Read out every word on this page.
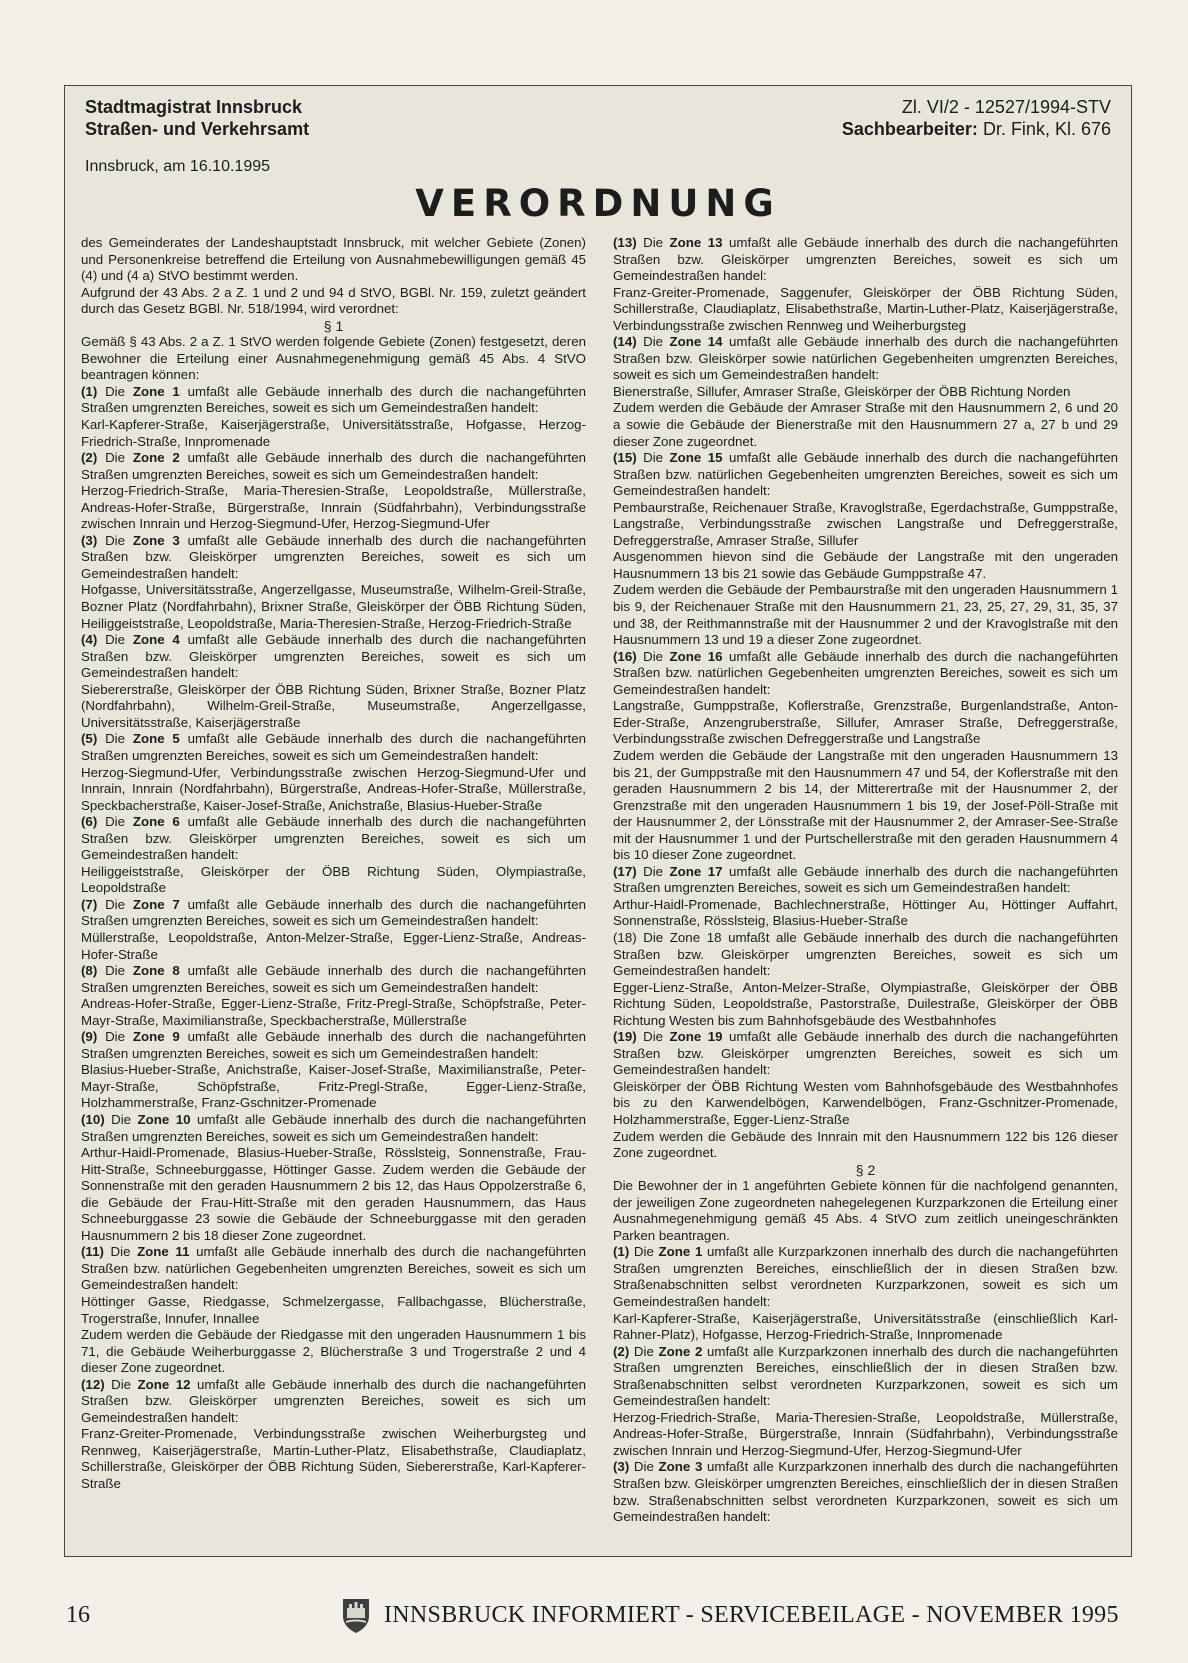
Stadtmagistrat Innsbruck
Straßen- und Verkehrsamt
Zl. VI/2 - 12527/1994-STV
Sachbearbeiter: Dr. Fink, Kl. 676
Innsbruck, am 16.10.1995
VERORDNUNG

des Gemeinderates der Landeshauptstadt Innsbruck, mit welcher Gebiete (Zonen) und Personenkreise betreffend die Erteilung von Ausnahmebewilligungen gemäß 45 (4) und (4 a) StVO bestimmt werden.

Aufgrund der 43 Abs. 2 a Z. 1 und 2 und 94 d StVO, BGBl. Nr. 159, zuletzt geändert durch das Gesetz BGBl. Nr. 518/1994, wird verordnet:

§ 1

Gemäß § 43 Abs. 2 a Z. 1 StVO werden folgende Gebiete (Zonen) festgesetzt, deren Bewohner die Erteilung einer Ausnahmegenehmigung gemäß 45 Abs. 4 StVO beantragen können:

(1) Die Zone 1 umfaßt alle Gebäude innerhalb des durch die nachangeführten Straßen umgrenzten Bereiches, soweit es sich um Gemeindestraßen handelt:

Karl-Kapferer-Straße, Kaiserjägerstraße, Universitätsstraße, Hofgasse, Herzog-Friedrich-Straße, Innpromenade

(2) Die Zone 2 umfaßt alle Gebäude innerhalb des durch die nachangeführten Straßen umgrenzten Bereiches, soweit es sich um Gemeindestraßen handelt:

Herzog-Friedrich-Straße, Maria-Theresien-Straße, Leopoldstraße, Müllerstraße, Andreas-Hofer-Straße, Bürgerstraße, Innrain (Südfahrbahn), Verbindungsstraße zwischen Innrain und Herzog-Siegmund-Ufer, Herzog-Siegmund-Ufer

(3) Die Zone 3 umfaßt alle Gebäude innerhalb des durch die nachangeführten Straßen bzw. Gleiskörper umgrenzten Bereiches, soweit es sich um Gemeindestraßen handelt:

Hofgasse, Universitätsstraße, Angerzellgasse, Museumstraße, Wilhelm-Greil-Straße, Bozner Platz (Nordfahrbahn), Brixner Straße, Gleiskörper der ÖBB Richtung Süden, Heiliggeiststraße, Leopoldstraße, Maria-Theresien-Straße, Herzog-Friedrich-Straße

(4) Die Zone 4 umfaßt alle Gebäude innerhalb des durch die nachangeführten Straßen bzw. Gleiskörper umgrenzten Bereiches, soweit es sich um Gemeindestraßen handelt:

Siebererstraße, Gleiskörper der ÖBB Richtung Süden, Brixner Straße, Bozner Platz (Nordfahrbahn), Wilhelm-Greil-Straße, Museumstraße, Angerzellgasse, Universitätsstraße, Kaiserjägerstraße

(5) Die Zone 5 umfaßt alle Gebäude innerhalb des durch die nachangeführten Straßen umgrenzten Bereiches, soweit es sich um Gemeindestraßen handelt:

Herzog-Siegmund-Ufer, Verbindungsstraße zwischen Herzog-Siegmund-Ufer und Innrain, Innrain (Nordfahrbahn), Bürgerstraße, Andreas-Hofer-Straße, Müllerstraße, Speckbacherstraße, Kaiser-Josef-Straße, Anichstraße, Blasius-Hueber-Straße

(6) Die Zone 6 umfaßt alle Gebäude innerhalb des durch die nachangeführten Straßen bzw. Gleiskörper umgrenzten Bereiches, soweit es sich um Gemeindestraßen handelt:

Heiliggeiststraße, Gleiskörper der ÖBB Richtung Süden, Olympiastraße, Leopoldstraße

(7) Die Zone 7 umfaßt alle Gebäude innerhalb des durch die nachangeführten Straßen umgrenzten Bereiches, soweit es sich um Gemeindestraßen handelt:

Müllerstraße, Leopoldstraße, Anton-Melzer-Straße, Egger-Lienz-Straße, Andreas-Hofer-Straße

(8) Die Zone 8 umfaßt alle Gebäude innerhalb des durch die nachangeführten Straßen umgrenzten Bereiches, soweit es sich um Gemeindestraßen handelt:

Andreas-Hofer-Straße, Egger-Lienz-Straße, Fritz-Pregl-Straße, Schöpfstraße, Peter-Mayr-Straße, Maximilianstraße, Speckbacherstraße, Müllerstraße

(9) Die Zone 9 umfaßt alle Gebäude innerhalb des durch die nachangeführten Straßen umgrenzten Bereiches, soweit es sich um Gemeindestraßen handelt:

Blasius-Hueber-Straße, Anichstraße, Kaiser-Josef-Straße, Maximilianstraße, Peter-Mayr-Straße, Schöpfstraße, Fritz-Pregl-Straße, Egger-Lienz-Straße, Holzhammerstraße, Franz-Gschnitzer-Promenade

(10) Die Zone 10 umfaßt alle Gebäude innerhalb des durch die nachangeführten Straßen umgrenzten Bereiches, soweit es sich um Gemeindestraßen handelt:

Arthur-Haidl-Promenade, Blasius-Hueber-Straße, Rösslsteig, Sonnenstraße, Frau-Hitt-Straße, Schneeburggasse, Höttinger Gasse. Zudem werden die Gebäude der Sonnenstraße mit den geraden Hausnummern 2 bis 12, das Haus Oppolzerstraße 6, die Gebäude der Frau-Hitt-Straße mit den geraden Hausnummern, das Haus Schneeburggasse 23 sowie die Gebäude der Schneeburggasse mit den geraden Hausnummern 2 bis 18 dieser Zone zugeordnet.

(11) Die Zone 11 umfaßt alle Gebäude innerhalb des durch die nachangeführten Straßen bzw. natürlichen Gegebenheiten umgrenzten Bereiches, soweit es sich um Gemeindestraßen handelt:

Höttinger Gasse, Riedgasse, Schmelzergasse, Fallbachgasse, Blücherstraße, Trogerstraße, Innufer, Innallee

Zudem werden die Gebäude der Riedgasse mit den ungeraden Hausnummern 1 bis 71, die Gebäude Weiherburggasse 2, Blücherstraße 3 und Trogerstraße 2 und 4 dieser Zone zugeordnet.

(12) Die Zone 12 umfaßt alle Gebäude innerhalb des durch die nachangeführten Straßen bzw. Gleiskörper umgrenzten Bereiches, soweit es sich um Gemeindestraßen handelt:

Franz-Greiter-Promenade, Verbindungsstraße zwischen Weiherburgsteg und Rennweg, Kaiserjägerstraße, Martin-Luther-Platz, Elisabethstraße, Claudiaplatz, Schillerstraße, Gleiskörper der ÖBB Richtung Süden, Siebererstraße, Karl-Kapferer-Straße

(13) Die Zone 13 umfaßt alle Gebäude innerhalb des durch die nachangeführten Straßen bzw. Gleiskörper umgrenzten Bereiches, soweit es sich um Gemeindestraßen handel:

Franz-Greiter-Promenade, Saggenufer, Gleiskörper der ÖBB Richtung Süden, Schillerstraße, Claudiaplatz, Elisabethstraße, Martin-Luther-Platz, Kaiserjägerstraße, Verbindungsstraße zwischen Rennweg und Weiherburgsteg

(14) Die Zone 14 umfaßt alle Gebäude innerhalb des durch die nachangeführten Straßen bzw. Gleiskörper sowie natürlichen Gegebenheiten umgrenzten Bereiches, soweit es sich um Gemeindestraßen handelt:

Bienerstraße, Sillufer, Amraser Straße, Gleiskörper der ÖBB Richtung Norden

Zudem werden die Gebäude der Amraser Straße mit den Hausnummern 2, 6 und 20 a sowie die Gebäude der Bienerstraße mit den Hausnummern 27 a, 27 b und 29 dieser Zone zugeordnet.

(15) Die Zone 15 umfaßt alle Gebäude innerhalb des durch die nachangeführten Straßen bzw. natürlichen Gegebenheiten umgrenzten Bereiches, soweit es sich um Gemeindestraßen handelt:

Pembaurstraße, Reichenauer Straße, Kravoglstraße, Egerdachstraße, Gumppstraße, Langstraße, Verbindungsstraße zwischen Langstraße und Defreggerstraße, Defreggerstraße, Amraser Straße, Sillufer

Ausgenommen hievon sind die Gebäude der Langstraße mit den ungeraden Hausnummern 13 bis 21 sowie das Gebäude Gumppstraße 47.

Zudem werden die Gebäude der Pembaurstraße mit den ungeraden Hausnummern 1 bis 9, der Reichenauer Straße mit den Hausnummern 21, 23, 25, 27, 29, 31, 35, 37 und 38, der Reithmannstraße mit der Hausnummer 2 und der Kravoglstraße mit den Hausnummern 13 und 19 a dieser Zone zugeordnet.

(16) Die Zone 16 umfaßt alle Gebäude innerhalb des durch die nachangeführten Straßen bzw. natürlichen Gegebenheiten umgrenzten Bereiches, soweit es sich um Gemeindestraßen handelt:

Langstraße, Gumppstraße, Koflerstraße, Grenzstraße, Burgenlandstraße, Anton-Eder-Straße, Anzengruberstraße, Sillufer, Amraser Straße, Defreggerstraße, Verbindungsstraße zwischen Defreggerstraße und Langstraße

Zudem werden die Gebäude der Langstraße mit den ungeraden Hausnummern 13 bis 21, der Gumppstraße mit den Hausnummern 47 und 54, der Koflerstraße mit den geraden Hausnummern 2 bis 14, der Mitterertraße mit der Hausnummer 2, der Grenzstraße mit den ungeraden Hausnummern 1 bis 19, der Josef-Pöll-Straße mit der Hausnummer 2, der Lönsstraße mit der Hausnummer 2, der Amraser-See-Straße mit der Hausnummer 1 und der Purtschellerstraße mit den geraden Hausnummern 4 bis 10 dieser Zone zugeordnet.

(17) Die Zone 17 umfaßt alle Gebäude innerhalb des durch die nachangeführten Straßen umgrenzten Bereiches, soweit es sich um Gemeindestraßen handelt:

Arthur-Haidl-Promenade, Bachlechnerstraße, Höttinger Au, Höttinger Auffahrt, Sonnenstraße, Rösslsteig, Blasius-Hueber-Straße

(18) Die Zone 18 umfaßt alle Gebäude innerhalb des durch die nachangeführten Straßen bzw. Gleiskörper umgrenzten Bereiches, soweit es sich um Gemeindestraßen handelt:

Egger-Lienz-Straße, Anton-Melzer-Straße, Olympiastraße, Gleiskörper der ÖBB Richtung Süden, Leopoldstraße, Pastorstraße, Duilestraße, Gleiskörper der ÖBB Richtung Westen bis zum Bahnhofsgebäude des Westbahnhofes

(19) Die Zone 19 umfaßt alle Gebäude innerhalb des durch die nachangeführten Straßen bzw. Gleiskörper umgrenzten Bereiches, soweit es sich um Gemeindestraßen handelt:

Gleiskörper der ÖBB Richtung Westen vom Bahnhofsgebäude des Westbahnhofes bis zu den Karwendelbögen, Karwendelbögen, Franz-Gschnitzer-Promenade, Holzhammerstraße, Egger-Lienz-Straße

Zudem werden die Gebäude des Innrain mit den Hausnummern 122 bis 126 dieser Zone zugeordnet.

§ 2

Die Bewohner der in 1 angeführten Gebiete können für die nachfolgend genannten, der jeweiligen Zone zugeordneten nahegelegenen Kurzparkzonen die Erteilung einer Ausnahmegenehmigung gemäß 45 Abs. 4 StVO zum zeitlich uneingeschränkten Parken beantragen.

(1) Die Zone 1 umfaßt alle Kurzparkzonen innerhalb des durch die nachangeführten Straßen umgrenzten Bereiches, einschließlich der in diesen Straßen bzw. Straßenabschnitten selbst verordneten Kurzparkzonen, soweit es sich um Gemeindestraßen handelt:

Karl-Kapferer-Straße, Kaiserjägerstraße, Universitätsstraße (einschließlich Karl-Rahner-Platz), Hofgasse, Herzog-Friedrich-Straße, Innpromenade

(2) Die Zone 2 umfaßt alle Kurzparkzonen innerhalb des durch die nachangeführten Straßen umgrenzten Bereiches, einschließlich der in diesen Straßen bzw. Straßenabschnitten selbst verordneten Kurzparkzonen, soweit es sich um Gemeindestraßen handelt:

Herzog-Friedrich-Straße, Maria-Theresien-Straße, Leopoldstraße, Müllerstraße, Andreas-Hofer-Straße, Bürgerstraße, Innrain (Südfahrbahn), Verbindungsstraße zwischen Innrain und Herzog-Siegmund-Ufer, Herzog-Siegmund-Ufer

(3) Die Zone 3 umfaßt alle Kurzparkzonen innerhalb des durch die nachangeführten Straßen bzw. Gleiskörper umgrenzten Bereiches, einschließlich der in diesen Straßen bzw. Straßenabschnitten selbst verordneten Kurzparkzonen, soweit es sich um Gemeindestraßen handelt:

16	INNSBRUCK INFORMIERT - SERVICEBEILAGE - NOVEMBER 1995
